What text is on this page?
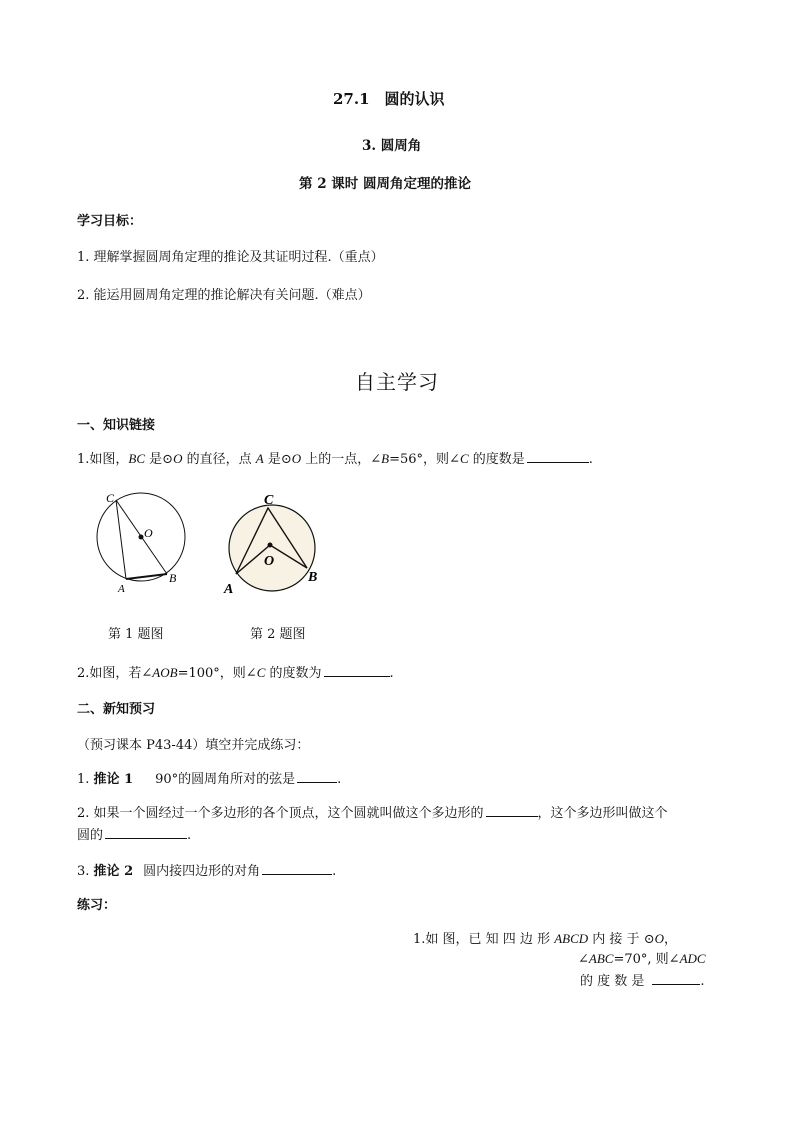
27.1　圆的认识
3. 圆周角
第 2 课时 圆周角定理的推论
学习目标：
1. 理解掌握圆周角定理的推论及其证明过程.（重点）
2. 能运用圆周角定理的推论解决有关问题.（难点）
自主学习
一、知识链接
1.如图，BC 是⊙O 的直径，点 A 是⊙O 上的一点，∠B=56°，则∠C 的度数是	.
C
O
A
B
C
O
A
B
第 1 题图	第 2 题图
2.如图，若∠AOB=100°，则∠C 的度数为	.
二、新知预习
（预习课本 P43-44）填空并完成练习：
1. 推论 1 90°的圆周角所对的弦是	.
2. 如果一个圆经过一个多边形的各个顶点，这个圆就叫做这个多边形的	，这个多边形叫做这个
圆的	.
3. 推论 2 圆内接四边形的对角	.
练习：
1.如 图，已 知 四 边 形 ABCD 内 接 于 ⊙O，
∠ABC=70°, 则∠ADC
的 度 数 是	.
